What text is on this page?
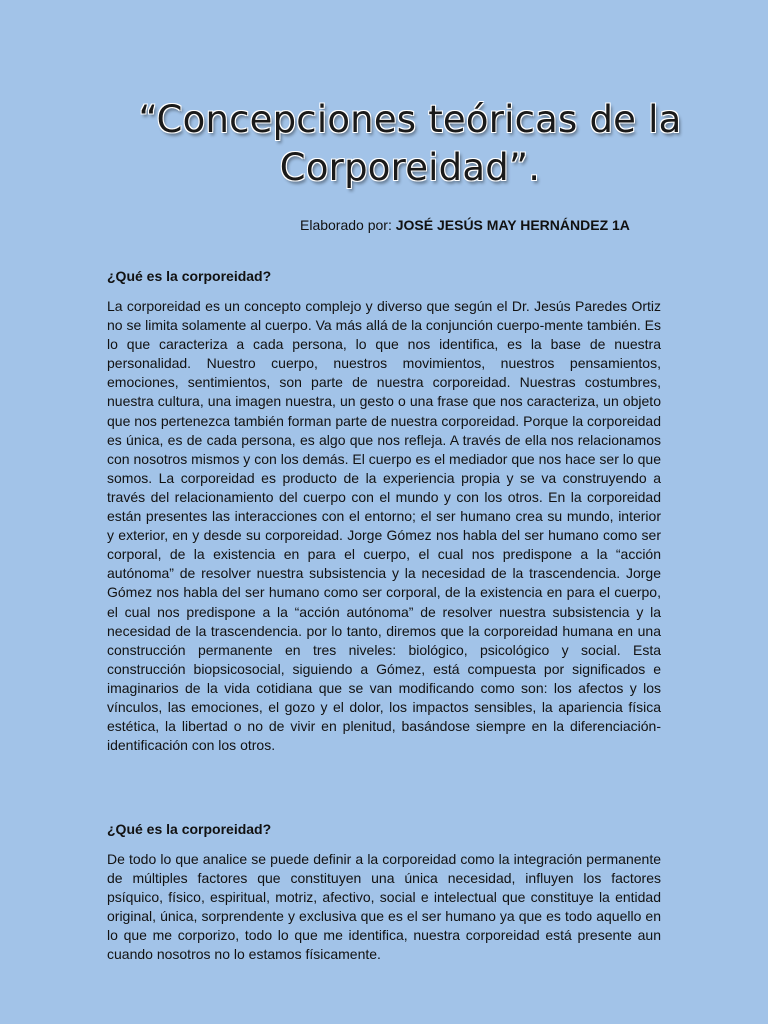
“Concepciones teóricas de la Corporeidad”.
Elaborado por: JOSÉ JESÚS MAY HERNÁNDEZ 1A
¿Qué es la corporeidad?
La corporeidad es un concepto complejo y diverso que según el Dr. Jesús Paredes Ortiz no se limita solamente al cuerpo. Va más allá de la conjunción cuerpo-mente también. Es lo que caracteriza a cada persona, lo que nos identifica, es la base de nuestra personalidad. Nuestro cuerpo, nuestros movimientos, nuestros pensamientos, emociones, sentimientos, son parte de nuestra corporeidad. Nuestras costumbres, nuestra cultura, una imagen nuestra, un gesto o una frase que nos caracteriza, un objeto que nos pertenezca también forman parte de nuestra corporeidad. Porque la corporeidad es única, es de cada persona, es algo que nos refleja. A través de ella nos relacionamos con nosotros mismos y con los demás. El cuerpo es el mediador que nos hace ser lo que somos. La corporeidad es producto de la experiencia propia y se va construyendo a través del relacionamiento del cuerpo con el mundo y con los otros. En la corporeidad están presentes las interacciones con el entorno; el ser humano crea su mundo, interior y exterior, en y desde su corporeidad. Jorge Gómez nos habla del ser humano como ser corporal, de la existencia en para el cuerpo, el cual nos predispone a la “acción autónoma” de resolver nuestra subsistencia y la necesidad de la trascendencia. Jorge Gómez nos habla del ser humano como ser corporal, de la existencia en para el cuerpo, el cual nos predispone a la “acción autónoma” de resolver nuestra subsistencia y la necesidad de la trascendencia. por lo tanto, diremos que la corporeidad humana en una construcción permanente en tres niveles: biológico, psicológico y social. Esta construcción biopsicosocial, siguiendo a Gómez, está compuesta por significados e imaginarios de la vida cotidiana que se van modificando como son: los afectos y los vínculos, las emociones, el gozo y el dolor, los impactos sensibles, la apariencia física estética, la libertad o no de vivir en plenitud, basándose siempre en la diferenciación-identificación con los otros.
¿Qué es la corporeidad?
De todo lo que analice se puede definir a la corporeidad como la integración permanente de múltiples factores que constituyen una única necesidad, influyen los factores psíquico, físico, espiritual, motriz, afectivo, social e intelectual que constituye la entidad original, única, sorprendente y exclusiva que es el ser humano ya que es todo aquello en lo que me corporizo, todo lo que me identifica, nuestra corporeidad está presente aun cuando nosotros no lo estamos físicamente.
